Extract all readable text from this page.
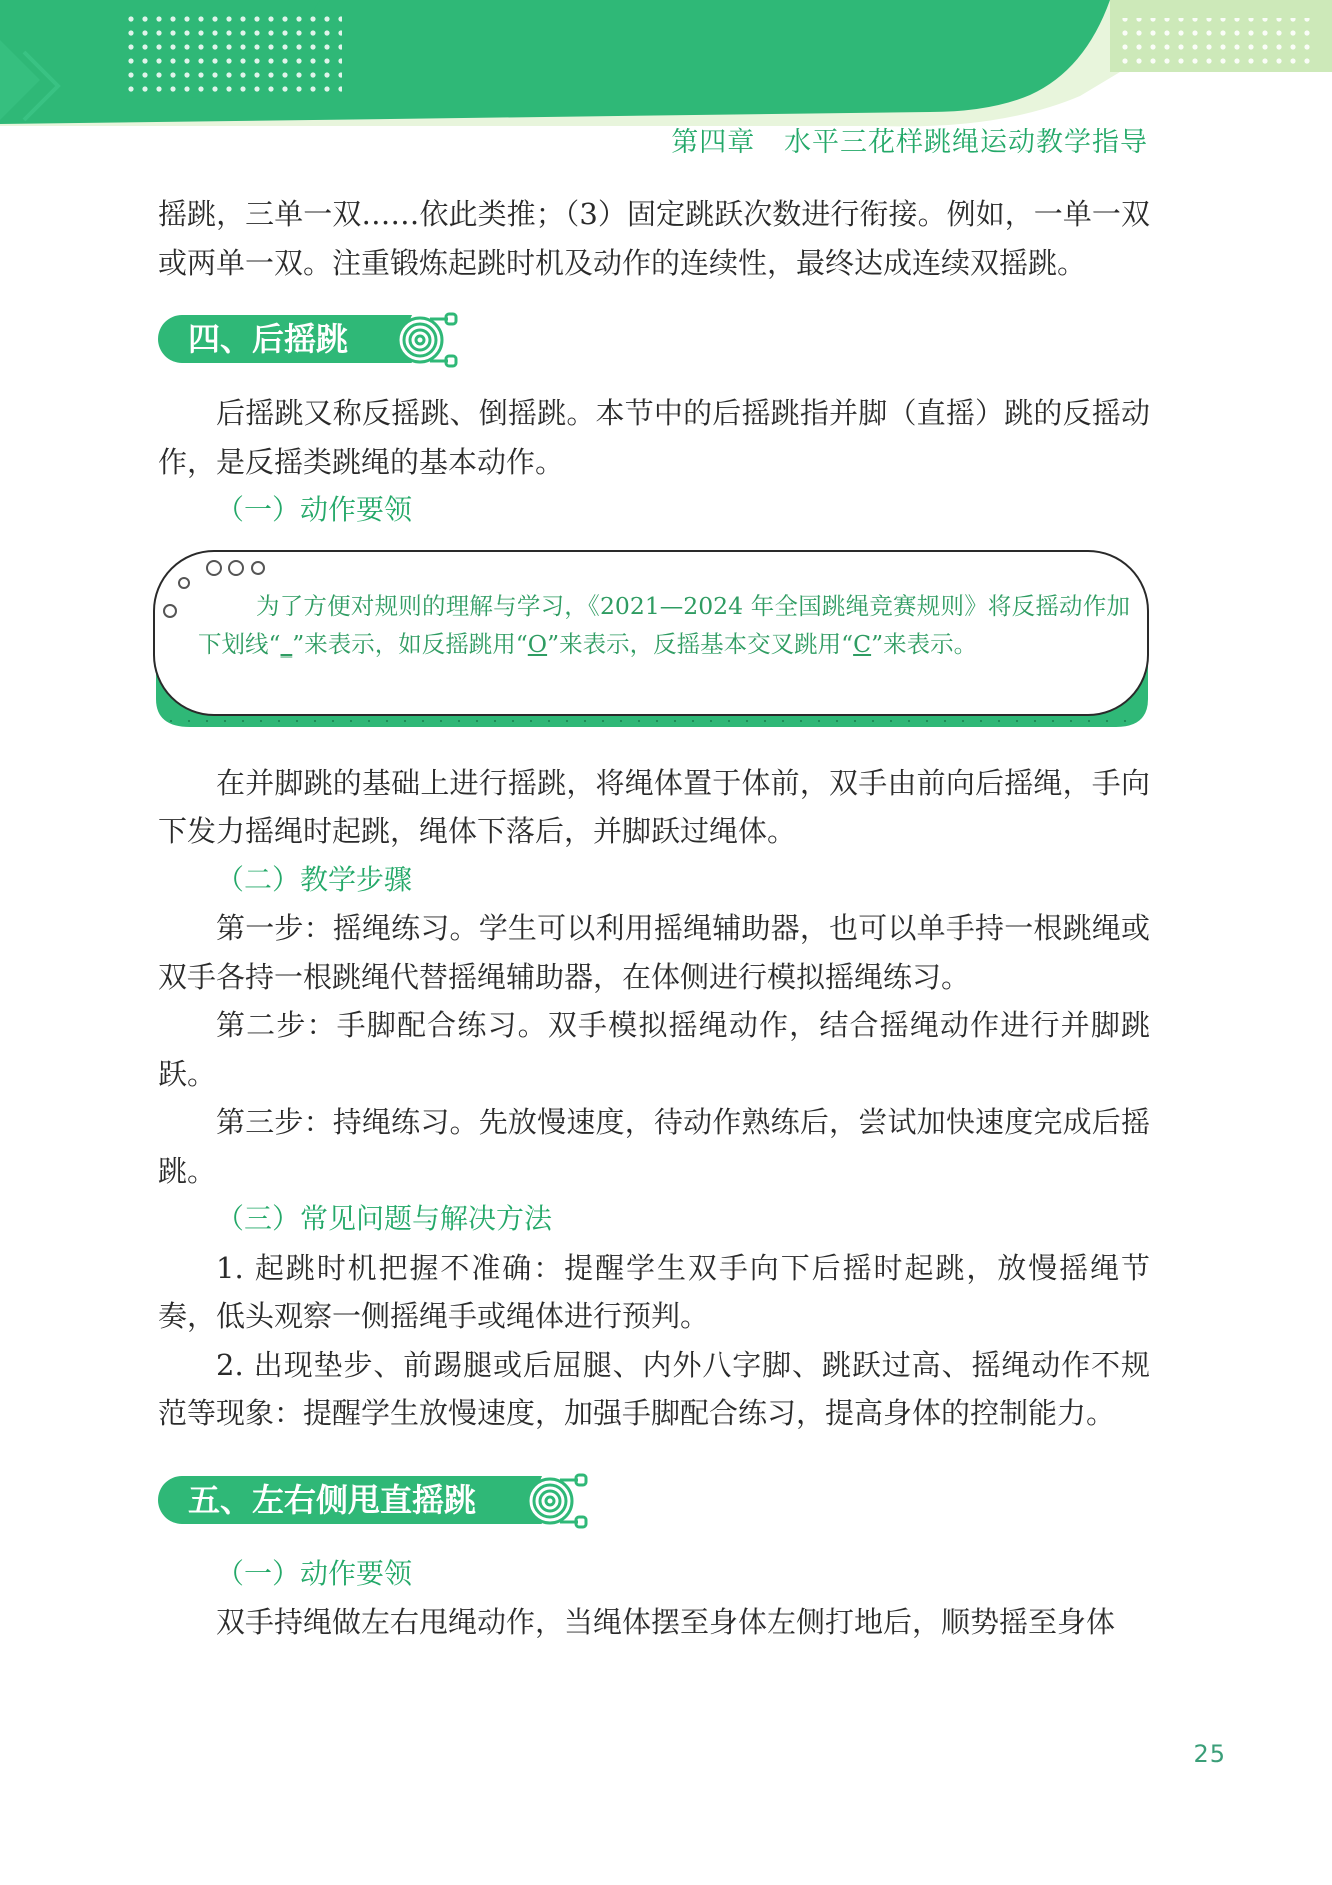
第四章 水平三花样跳绳运动教学指导

摇跳，三单一双……依此类推；（3）固定跳跃次数进行衔接。例如，一单一双或两单一双。注重锻炼起跳时机及动作的连续性，最终达成连续双摇跳。

四、后摇跳

后摇跳又称反摇跳、倒摇跳。本节中的后摇跳指并脚（直摇）跳的反摇动作，是反摇类跳绳的基本动作。

（一）动作要领

为了方便对规则的理解与学习，《2021—2024 年全国跳绳竞赛规则》将反摇动作加下划线“_”来表示，如反摇跳用“O”来表示，反摇基本交叉跳用“C”来表示。

在并脚跳的基础上进行摇跳，将绳体置于体前，双手由前向后摇绳，手向下发力摇绳时起跳，绳体下落后，并脚跃过绳体。

（二）教学步骤

第一步：摇绳练习。学生可以利用摇绳辅助器，也可以单手持一根跳绳或双手各持一根跳绳代替摇绳辅助器，在体侧进行模拟摇绳练习。

第二步：手脚配合练习。双手模拟摇绳动作，结合摇绳动作进行并脚跳跃。

第三步：持绳练习。先放慢速度，待动作熟练后，尝试加快速度完成后摇跳。

（三）常见问题与解决方法

1. 起跳时机把握不准确：提醒学生双手向下后摇时起跳，放慢摇绳节奏，低头观察一侧摇绳手或绳体进行预判。

2. 出现垫步、前踢腿或后屈腿、内外八字脚、跳跃过高、摇绳动作不规范等现象：提醒学生放慢速度，加强手脚配合练习，提高身体的控制能力。

五、左右侧甩直摇跳

（一）动作要领

双手持绳做左右甩绳动作，当绳体摆至身体左侧打地后，顺势摇至身体

25
